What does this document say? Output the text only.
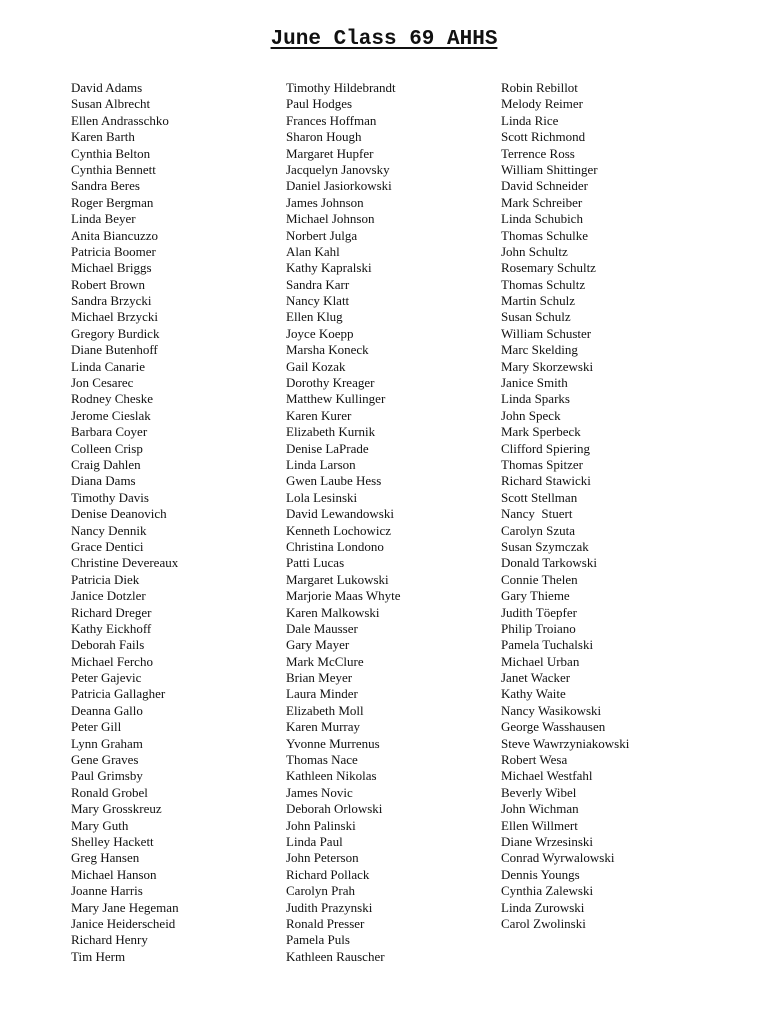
June Class 69 AHHS
David Adams
Susan Albrecht
Ellen Andrasschko
Karen Barth
Cynthia Belton
Cynthia Bennett
Sandra Beres
Roger Bergman
Linda Beyer
Anita Biancuzzo
Patricia Boomer
Michael Briggs
Robert Brown
Sandra Brzycki
Michael Brzycki
Gregory Burdick
Diane Butenhoff
Linda Canarie
Jon Cesarec
Rodney Cheske
Jerome Cieslak
Barbara Coyer
Colleen Crisp
Craig Dahlen
Diana Dams
Timothy Davis
Denise Deanovich
Nancy Dennik
Grace Dentici
Christine Devereaux
Patricia Diek
Janice Dotzler
Richard Dreger
Kathy Eickhoff
Deborah Fails
Michael Fercho
Peter Gajevic
Patricia Gallagher
Deanna Gallo
Peter Gill
Lynn Graham
Gene Graves
Paul Grimsby
Ronald Grobel
Mary Grosskreuz
Mary Guth
Shelley Hackett
Greg Hansen
Michael Hanson
Joanne Harris
Mary Jane Hegeman
Janice Heiderscheid
Richard Henry
Tim Herm
Timothy Hildebrandt
Paul Hodges
Frances Hoffman
Sharon Hough
Margaret Hupfer
Jacquelyn Janovsky
Daniel Jasiorkowski
James Johnson
Michael Johnson
Norbert Julga
Alan Kahl
Kathy Kapralski
Sandra Karr
Nancy Klatt
Ellen Klug
Joyce Koepp
Marsha Koneck
Gail Kozak
Dorothy Kreager
Matthew Kullinger
Karen Kurer
Elizabeth Kurnik
Denise LaPrade
Linda Larson
Gwen Laube Hess
Lola Lesinski
David Lewandowski
Kenneth Lochowicz
Christina Londono
Patti Lucas
Margaret Lukowski
Marjorie Maas Whyte
Karen Malkowski
Dale Mausser
Gary Mayer
Mark McClure
Brian Meyer
Laura Minder
Elizabeth Moll
Karen Murray
Yvonne Murrenus
Thomas Nace
Kathleen Nikolas
James Novic
Deborah Orlowski
John Palinski
Linda Paul
John Peterson
Richard Pollack
Carolyn Prah
Judith Prazynski
Ronald Presser
Pamela Puls
Kathleen Rauscher
Robin Rebillot
Melody Reimer
Linda Rice
Scott Richmond
Terrence Ross
William Shittinger
David Schneider
Mark Schreiber
Linda Schubich
Thomas Schulke
John Schultz
Rosemary Schultz
Thomas Schultz
Martin Schulz
Susan Schulz
William Schuster
Marc Skelding
Mary Skorzewski
Janice Smith
Linda Sparks
John Speck
Mark Sperbeck
Clifford Spiering
Thomas Spitzer
Richard Stawicki
Scott Stellman
Nancy  Stuert
Carolyn Szuta
Susan Szymczak
Donald Tarkowski
Connie Thelen
Gary Thieme
Judith Töepfer
Philip Troiano
Pamela Tuchalski
Michael Urban
Janet Wacker
Kathy Waite
Nancy Wasikowski
George Wasshausen
Steve Wawrzyniakowski
Robert Wesa
Michael Westfahl
Beverly Wibel
John Wichman
Ellen Willmert
Diane Wrzesinski
Conrad Wyrwalowski
Dennis Youngs
Cynthia Zalewski
Linda Zurowski
Carol Zwolinski
